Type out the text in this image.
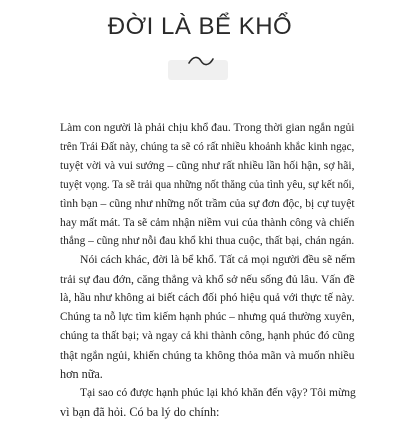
ĐỜI LÀ BỂ KHỔ

Làm con người là phải chịu khổ đau. Trong thời gian ngắn ngủi
trên Trái Đất này, chúng ta sẽ có rất nhiều khoảnh khắc kinh ngạc,
tuyệt vời và vui sướng – cũng như rất nhiều lần hối hận, sợ hãi,
tuyệt vọng. Ta sẽ trải qua những nốt thăng của tình yêu, sự kết nối,
tình bạn – cũng như những nốt trầm của sự đơn độc, bị cự tuyệt
hay mất mát. Ta sẽ cảm nhận niềm vui của thành công và chiến
thắng – cũng như nỗi đau khổ khi thua cuộc, thất bại, chán ngán.

Nói cách khác, đời là bể khổ. Tất cả mọi người đều sẽ nếm
trải sự đau đớn, căng thẳng và khổ sở nếu sống đủ lâu. Vấn đề
là, hầu như không ai biết cách đối phó hiệu quả với thực tế này.
Chúng ta nỗ lực tìm kiếm hạnh phúc – nhưng quá thường xuyên,
chúng ta thất bại; và ngay cả khi thành công, hạnh phúc đó cũng
thật ngắn ngủi, khiến chúng ta không thỏa mãn và muốn nhiều
hơn nữa.

Tại sao có được hạnh phúc lại khó khăn đến vậy? Tôi mừng
vì bạn đã hỏi. Có ba lý do chính:
